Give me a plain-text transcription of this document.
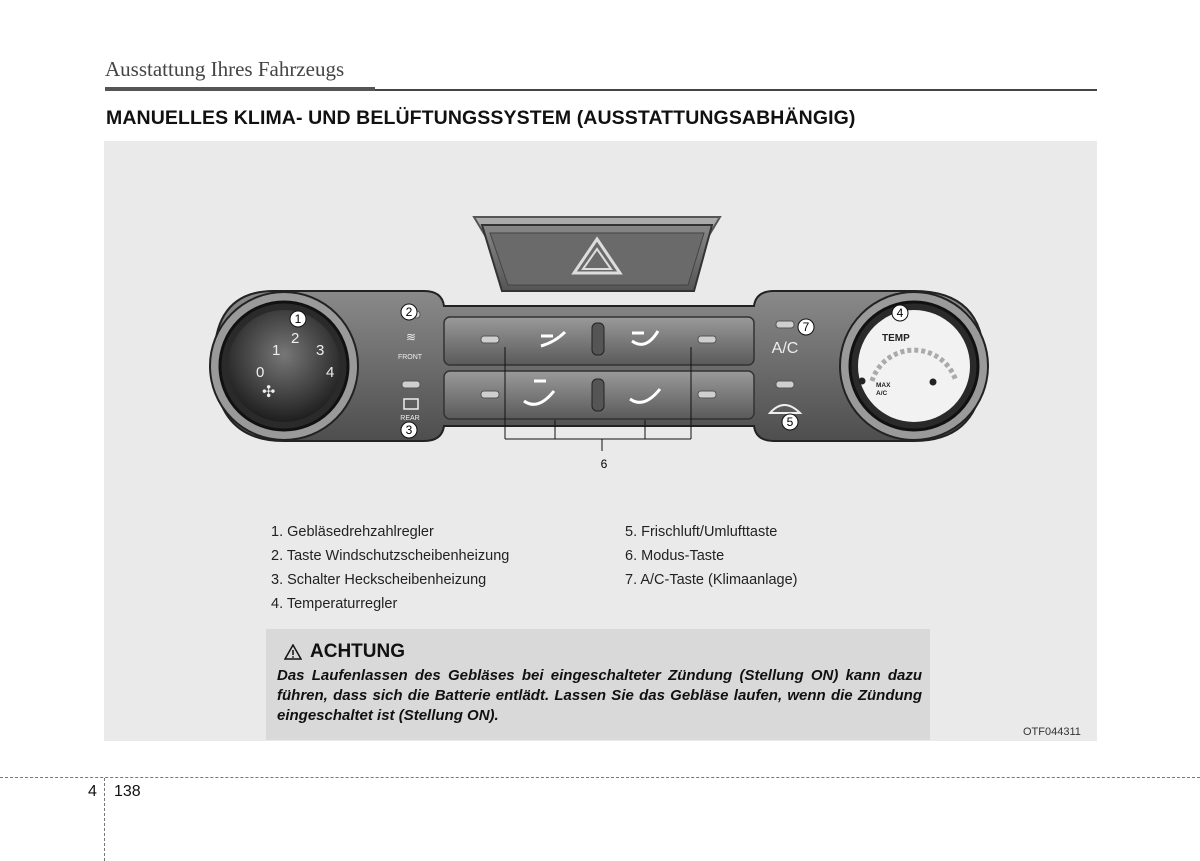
Ausstattung Ihres Fahrzeugs
MANUELLES KLIMA- UND BELÜFTUNGSSYSTEM (AUSSTATTUNGSABHÄNGIG)
≋
FRONT
REAR
A/C
1
2
3
0	4
✣
TEMP
MAX
A/C
1	2
3
4
5
7
6
1. Gebläsedrehzahlregler
2. Taste Windschutzscheibenheizung
3. Schalter Heckscheibenheizung
4. Temperaturregler
5. Frischluft/Umlufttaste
6. Modus-Taste
7. A/C-Taste (Klimaanlage)
ACHTUNG
Das Laufenlassen des Gebläses bei eingeschalteter Zündung (Stellung ON) kann dazu führen, dass sich die Batterie entlädt. Lassen Sie das Gebläse laufen, wenn die Zündung eingeschaltet ist (Stellung ON).
OTF044311
4 138
